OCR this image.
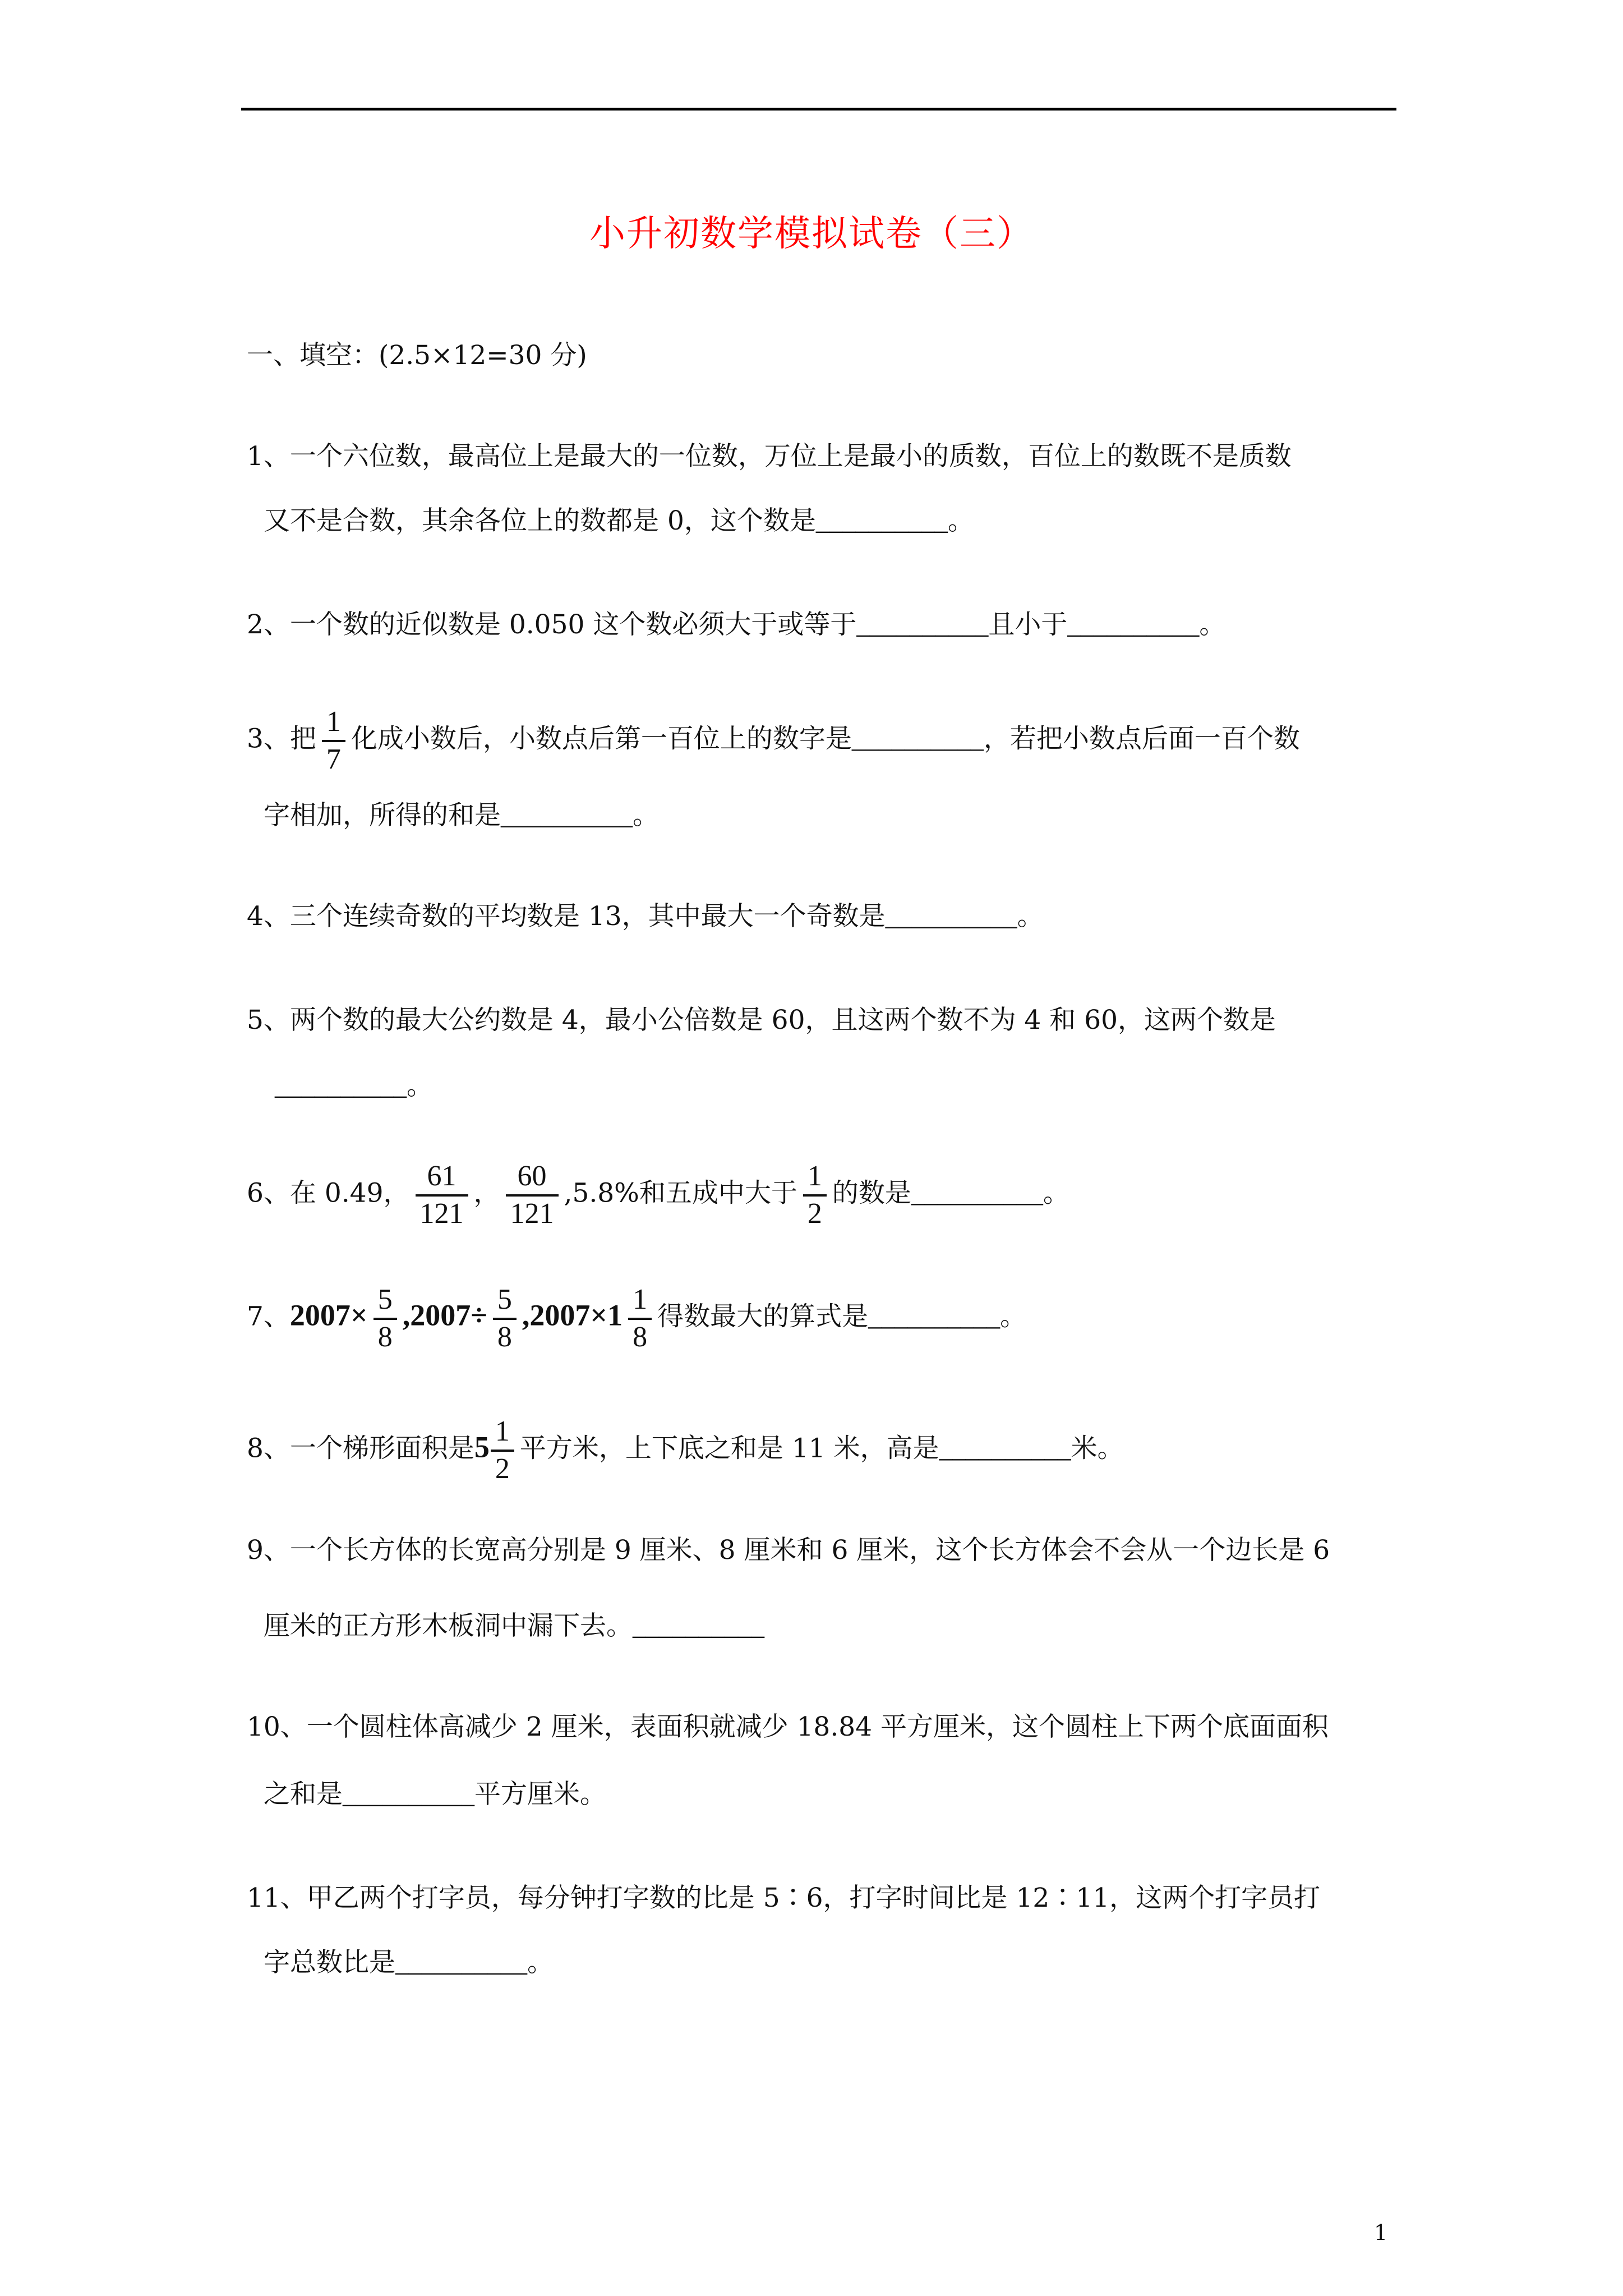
小升初数学模拟试卷（三）
一、填空：(2.5×12=30 分)
1、一个六位数，最高位上是最大的一位数，万位上是最小的质数，百位上的数既不是质数
又不是合数，其余各位上的数都是 0，这个数是__________。
2、一个数的近似数是 0.050 这个数必须大于或等于__________且小于__________。
3、把 $\frac{1}{7}$ 化成小数后，小数点后第一百位上的数字是__________，若把小数点后面一百个数
字相加，所得的和是__________。
4、三个连续奇数的平均数是 13，其中最大一个奇数是__________。
5、两个数的最大公约数是 4，最小公倍数是 60，且这两个数不为 4 和 60，这两个数是
__________。
6、在 0.49， $\frac{61}{121}$ ， $\frac{60}{121} ,5.8\%$和五成中大于 $\frac{1}{2}$ 的数是__________。
7、$2007\times \frac{5}{8} ,2007\div \frac{5}{8} ,2007\times 1 \frac{1}{8}$ 得数最大的算式是__________。
8、一个梯形面积是$5 \frac{1}{2}$ 平方米，上下底之和是 11 米，高是__________米。
9、一个长方体的长宽高分别是 9 厘米、8 厘米和 6 厘米，这个长方体会不会从一个边长是 6
厘米的正方形木板洞中漏下去。__________
10、一个圆柱体高减少 2 厘米，表面积就减少 18.84 平方厘米，这个圆柱上下两个底面面积
之和是__________平方厘米。
11、甲乙两个打字员，每分钟打字数的比是 5∶6，打字时间比是 12∶11，这两个打字员打
字总数比是__________。
1
